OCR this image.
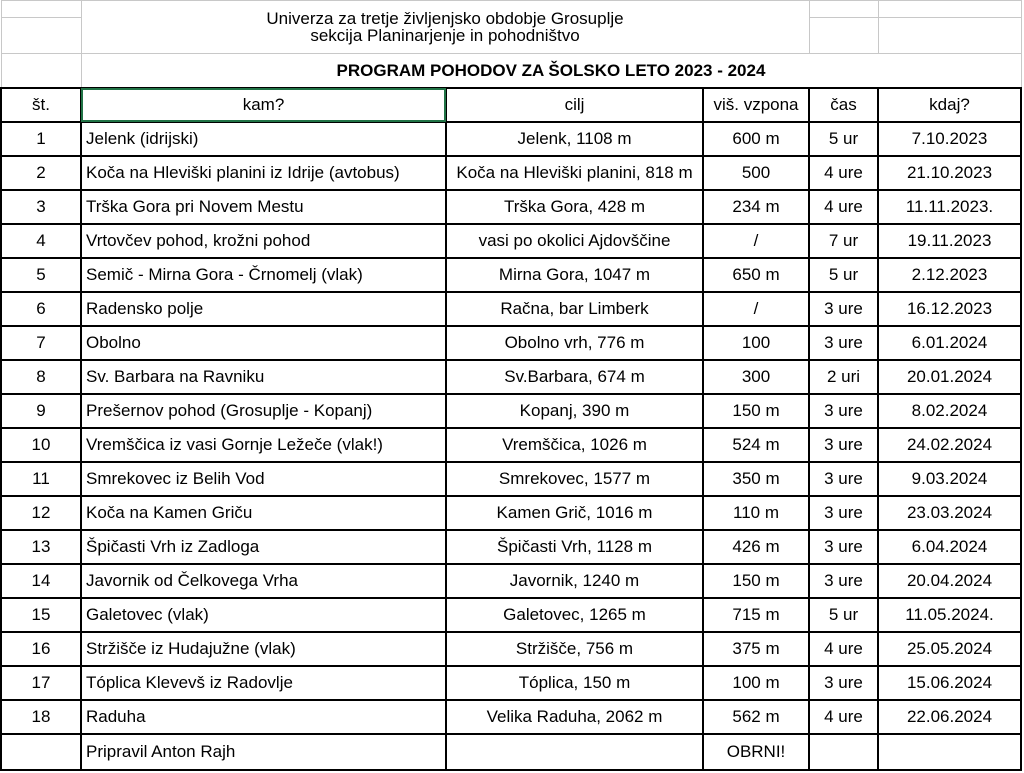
	Univerza za tretje življenjsko obdobje Grosuplje
sekcija Planinarjenje in pohodništvo				

	PROGRAM POHODOV ZA ŠOLSKO LETO 2023 - 2024				
št.	kam?	cilj	viš. vzpona	čas	kdaj?
1	Jelenk (idrijski)	Jelenk, 1108 m	600 m	5 ur	7.10.2023
2	Koča na Hleviški planini iz Idrije (avtobus)	Koča na Hleviški planini, 818 m	500	4 ure	21.10.2023
3	Trška Gora pri Novem Mestu	Trška Gora, 428 m	234 m	4 ure	11.11.2023.
4	Vrtovčev pohod, krožni pohod	vasi po okolici Ajdovščine	/	7 ur	19.11.2023
5	Semič - Mirna Gora - Črnomelj (vlak)	Mirna Gora, 1047 m	650 m	5 ur	2.12.2023
6	Radensko polje	Račna, bar Limberk	/	3 ure	16.12.2023
7	Obolno	Obolno vrh, 776 m	100	3 ure	6.01.2024
8	Sv. Barbara na Ravniku	Sv.Barbara, 674 m	300	2 uri	20.01.2024
9	Prešernov pohod (Grosuplje - Kopanj)	Kopanj, 390 m	150 m	3 ure	8.02.2024
10	Vremščica iz vasi Gornje Ležeče (vlak!)	Vremščica, 1026 m	524 m	3 ure	24.02.2024
11	Smrekovec iz Belih Vod	Smrekovec, 1577 m	350 m	3 ure	9.03.2024
12	Koča na Kamen Griču	Kamen Grič, 1016 m	110 m	3 ure	23.03.2024
13	Špičasti Vrh iz Zadloga	Špičasti Vrh, 1128 m	426 m	3 ure	6.04.2024
14	Javornik od Čelkovega Vrha	Javornik, 1240 m	150 m	3 ure	20.04.2024
15	Galetovec (vlak)	Galetovec, 1265 m	715 m	5 ur	11.05.2024.
16	Stržišče iz Hudajužne (vlak)	Stržišče, 756 m	375 m	4 ure	25.05.2024
17	Tóplica Klevevš iz Radovlje	Tóplica, 150 m	100 m	3 ure	15.06.2024
18	Raduha	Velika Raduha, 2062 m	562 m	4 ure	22.06.2024
	Pripravil Anton Rajh		OBRNI!		
